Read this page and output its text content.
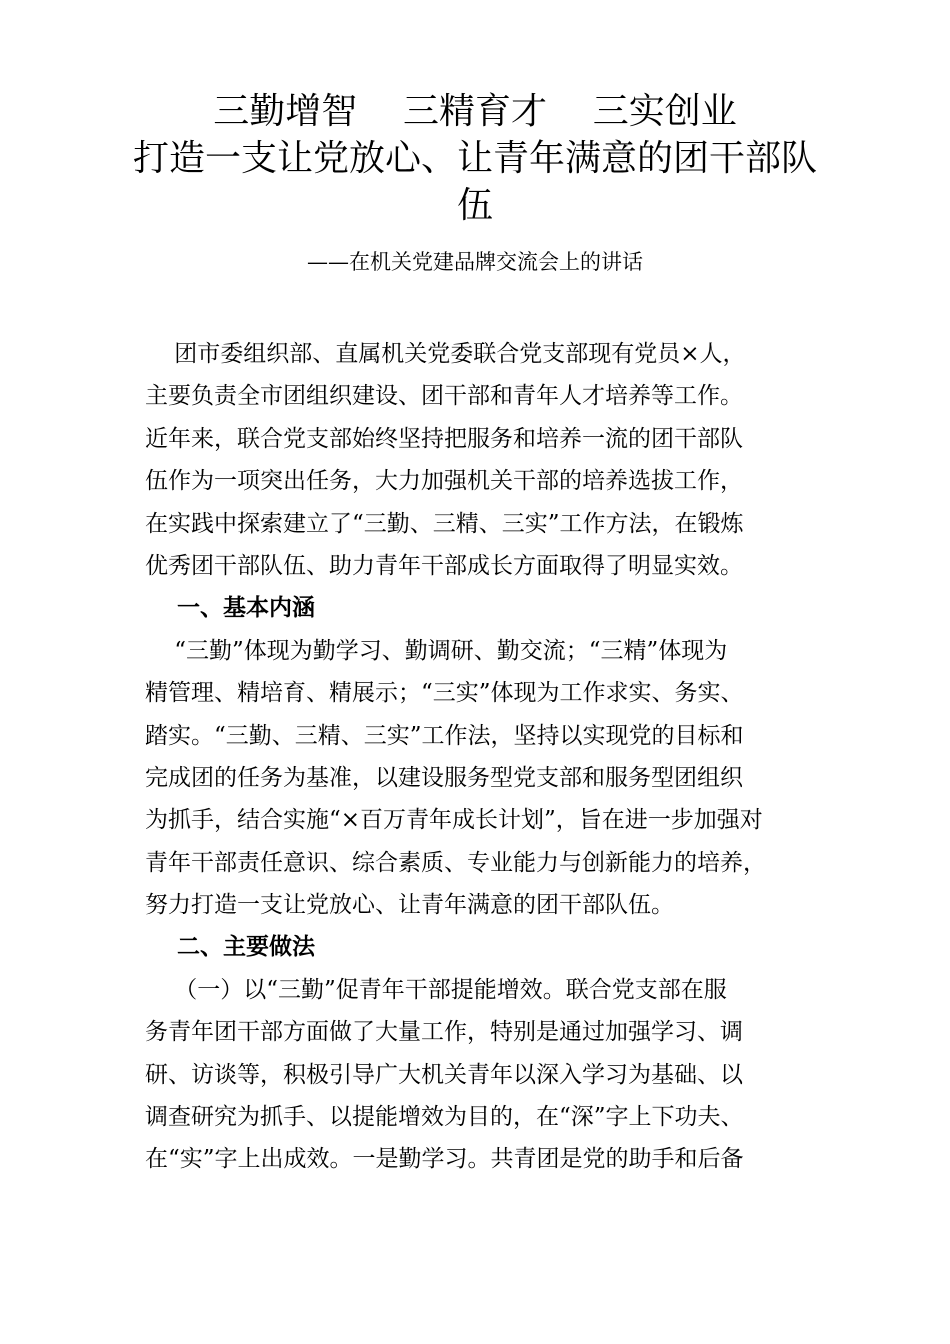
三勤增智    三精育才    三实创业
打造一支让党放心、让青年满意的团干部队
伍
——在机关党建品牌交流会上的讲话
团市委组织部、直属机关党委联合党支部现有党员×人，
主要负责全市团组织建设、团干部和青年人才培养等工作。
近年来，联合党支部始终坚持把服务和培养一流的团干部队
伍作为一项突出任务，大力加强机关干部的培养选拔工作，
在实践中探索建立了“三勤、三精、三实”工作方法，在锻炼
优秀团干部队伍、助力青年干部成长方面取得了明显实效。
一、基本内涵
“三勤”体现为勤学习、勤调研、勤交流；“三精”体现为
精管理、精培育、精展示；“三实”体现为工作求实、务实、
踏实。“三勤、三精、三实”工作法，坚持以实现党的目标和
完成团的任务为基准，以建设服务型党支部和服务型团组织
为抓手，结合实施“×百万青年成长计划”，旨在进一步加强对
青年干部责任意识、综合素质、专业能力与创新能力的培养，
努力打造一支让党放心、让青年满意的团干部队伍。
二、主要做法
（一）以“三勤”促青年干部提能增效。联合党支部在服
务青年团干部方面做了大量工作，特别是通过加强学习、调
研、访谈等，积极引导广大机关青年以深入学习为基础、以
调查研究为抓手、以提能增效为目的，在“深”字上下功夫、
在“实”字上出成效。一是勤学习。共青团是党的助手和后备
